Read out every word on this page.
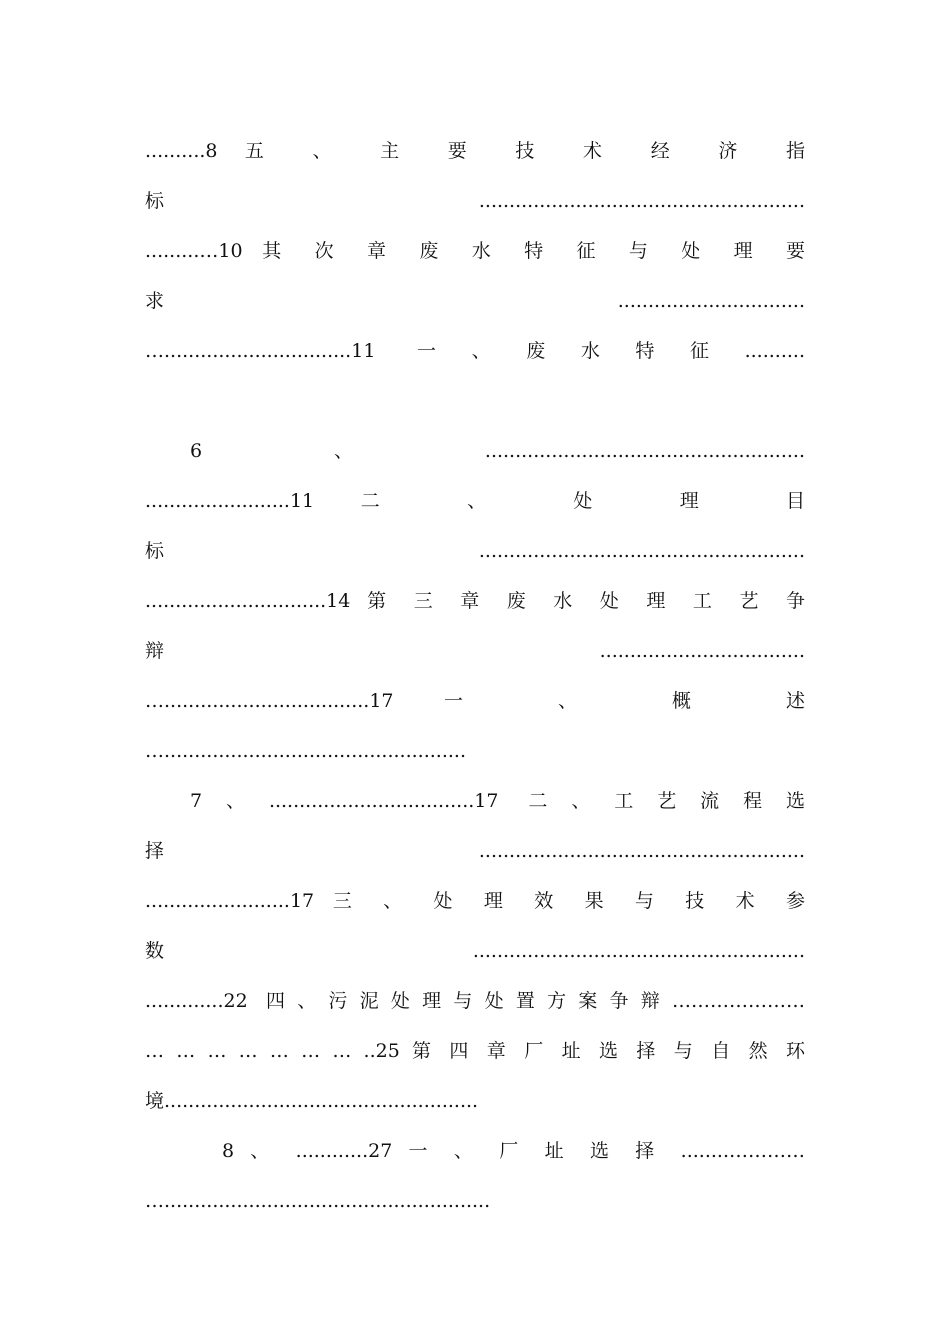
..........8 五 、 主 要 技 术 经 济 指
标......................................................
.........…10 其 次 章 废 水 特 征 与 处 理 要
求	...............................
…...............................11 一、废水特征..........
6、.....................................................
........................11 二 、 处 理 目
标......................................................
..............................14 第 三 章 废 水 处 理 工 艺 争
辩	..................................
…..................................17 一 、 概 述
…..................................................
7、..................................17 二、工艺流程选
择......................................................
........................17 三 、 处 理 效 果 与 技 术 参
数.......................................................
.............22 四、污泥处理与处置方案争辩…………………
… … … … … … … ..25 第 四 章 厂 址 选 择 与 自 然 环
境....................................................
8 、 ............27 一 、 厂 址 选 择 ........…………
…......................................................
